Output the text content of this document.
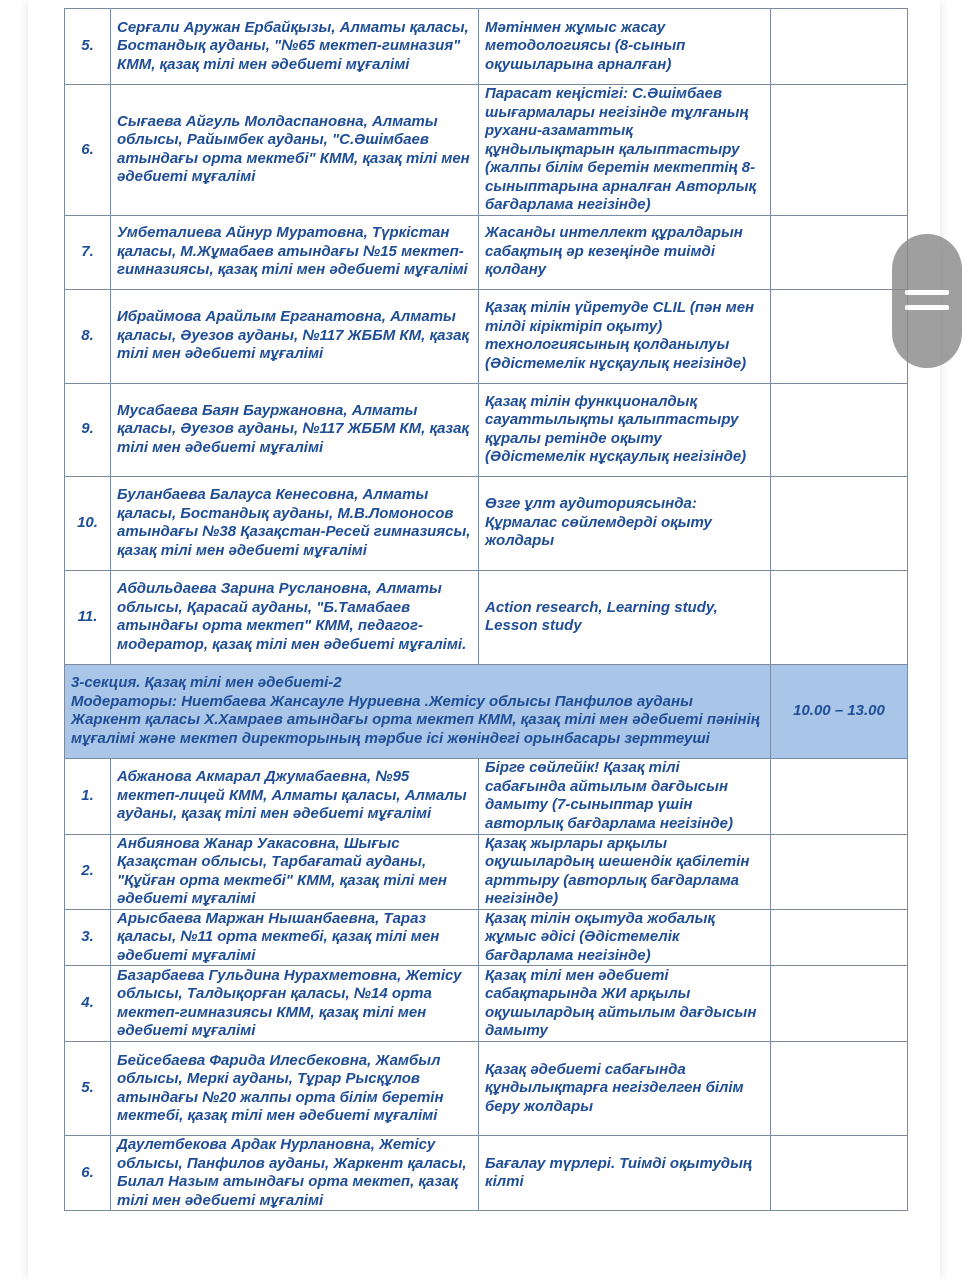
5.	Серғали Аружан Ербайқызы, Алматы қаласы, Бостандық ауданы, "№65 мектеп-гимназия" КММ, қазақ тілі мен әдебиеті мұғалімі	Мәтінмен жұмыс жасау методологиясы (8-сынып оқушыларына арналған)	
6.	Сығаева Айгуль Молдаспановна, Алматы облысы, Райымбек ауданы, "С.Әшімбаев атындағы орта мектебі" КММ, қазақ тілі мен әдебиеті мұғалімі	Парасат кеңістігі: С.Әшімбаев шығармалары негізінде тұлғаның рухани-азаматтық құндылықтарын қалыптастыру (жалпы білім беретін мектептің 8-сыныптарына арналған Авторлық бағдарлама негізінде)	
7.	Умбеталиева Айнур Муратовна, Түркістан қаласы, М.Жұмабаев атындағы №15 мектеп-гимназиясы, қазақ тілі мен әдебиеті мұғалімі	Жасанды интеллект құралдарын сабақтың әр кезеңінде тиімді қолдану	
8.	Ибраймова Арайлым Ерганатовна, Алматы қаласы, Әуезов ауданы, №117 ЖББМ КМ, қазақ тілі мен әдебиеті мұғалімі	Қазақ тілін үйретуде CLIL (пән мен тілді кіріктіріп оқыту) технологиясының қолданылуы (Әдістемелік нұсқаулық негізінде)	
9.	Мусабаева Баян Бауржановна, Алматы қаласы, Әуезов ауданы, №117 ЖББМ КМ, қазақ тілі мен әдебиеті мұғалімі	Қазақ тілін функционалдық сауаттылықты қалыптастыру құралы ретінде оқыту (Әдістемелік нұсқаулық негізінде)	
10.	Буланбаева Балауса Кенесовна, Алматы қаласы, Бостандық ауданы, М.В.Ломоносов атындағы №38 Қазақстан-Ресей гимназиясы, қазақ тілі мен әдебиеті мұғалімі	Өзге ұлт аудиториясында: Құрмалас сөйлемдерді оқыту жолдары	
11.	Абдильдаева Зарина Руслановна, Алматы облысы, Қарасай ауданы, "Б.Тамабаев атындағы орта мектеп" КММ, педагог-модератор, қазақ тілі мен әдебиеті мұғалімі.	Action research, Learning study, Lesson study	

3-секция. Қазақ тілі мен әдебиеті-2
Модераторы: Ниетбаева Жансауле Нуриевна .Жетісу облысы Панфилов ауданы Жаркент қаласы Х.Хамраев атындағы орта мектеп КММ, қазақ тілі мен әдебиеті пәнінің мұғалімі және мектеп директорының тәрбие ісі жөніндегі орынбасары зерттеуші			10.00 – 13.00
1.	Абжанова Акмарал Джумабаевна, №95 мектеп-лицей КММ, Алматы қаласы, Алмалы ауданы, қазақ тілі мен әдебиеті мұғалімі	Бірге сөйлейік! Қазақ тілі сабағында айтылым дағдысын дамыту (7-сыныптар үшін авторлық бағдарлама негізінде)	
2.	Анбиянова Жанар Уакасовна, Шығыс Қазақстан облысы, Тарбағатай ауданы, "Құйған орта мектебі" КММ, қазақ тілі мен әдебиеті мұғалімі	Қазақ жырлары арқылы оқушылардың шешендік қабілетін арттыру (авторлық бағдарлама негізінде)	
3.	Арысбаева Маржан Нышанбаевна, Тараз қаласы, №11 орта мектебі, қазақ тілі мен әдебиеті мұғалімі	Қазақ тілін оқытуда жобалық жұмыс әдісі (Әдістемелік бағдарлама негізінде)	
4.	Базарбаева Гульдина Нурахметовна, Жетісу облысы, Талдықорған қаласы, №14 орта мектеп-гимназиясы КММ, қазақ тілі мен әдебиеті мұғалімі	Қазақ тілі мен әдебиеті сабақтарында ЖИ арқылы оқушылардың айтылым дағдысын дамыту	
5.	Бейсебаева Фарида Илесбековна, Жамбыл облысы, Меркі ауданы, Тұрар Рысқұлов атындағы №20 жалпы орта білім беретін мектебі, қазақ тілі мен әдебиеті мұғалімі	Қазақ әдебиеті сабағында құндылықтарға негізделген білім беру жолдары	
6.	Даулетбекова Ардак Нурлановна, Жетісу облысы, Панфилов ауданы, Жаркент қаласы, Билал Назым атындағы орта мектеп, қазақ тілі мен әдебиеті мұғалімі	Бағалау түрлері. Тиімді оқытудың кілті	
